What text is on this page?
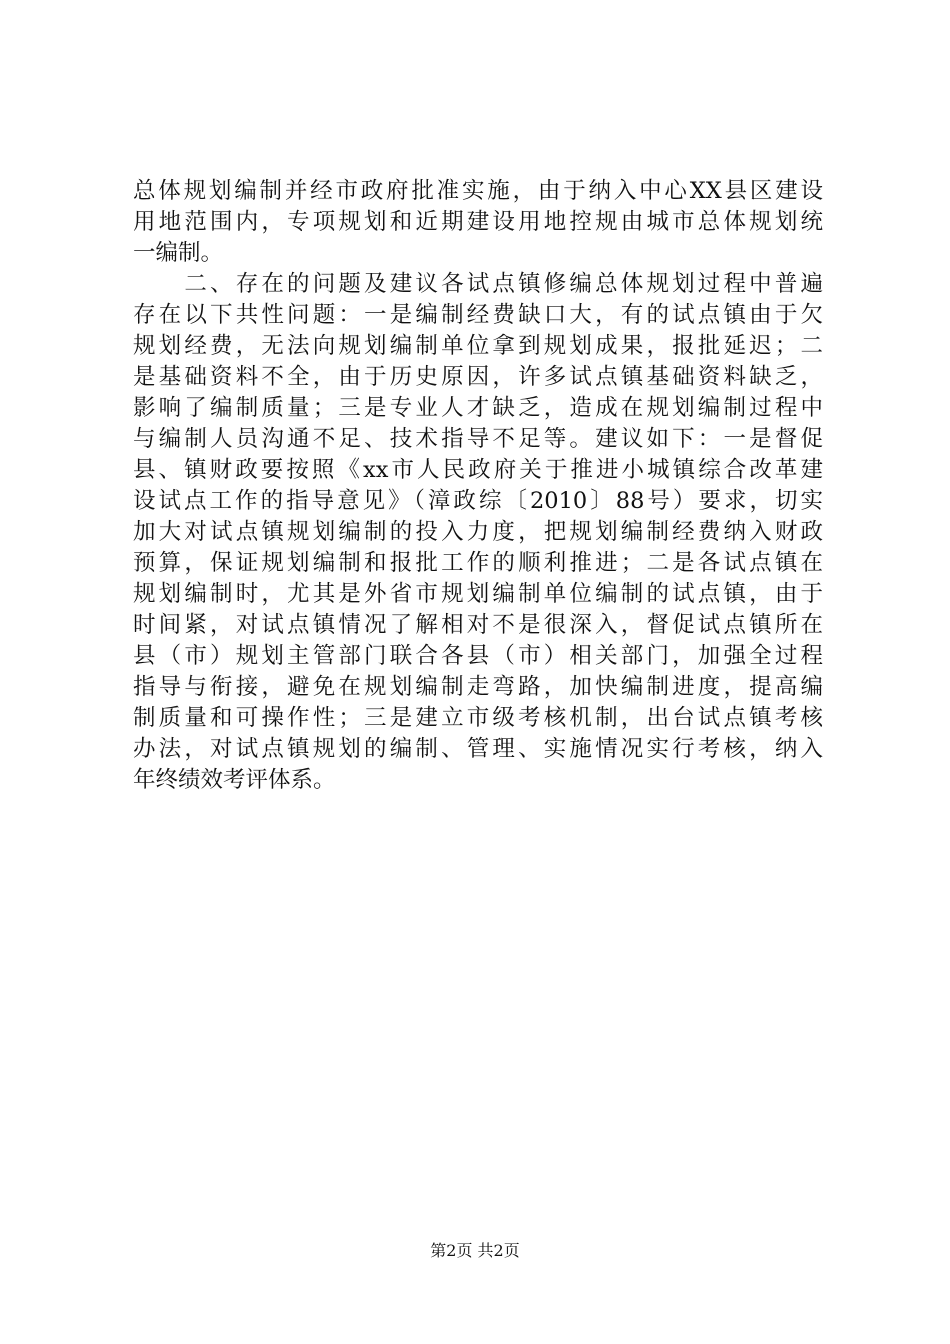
总体规划编制并经市政府批准实施，由于纳入中心XX县区建设
用地范围内，专项规划和近期建设用地控规由城市总体规划统
一编制。
　　二、存在的问题及建议各试点镇修编总体规划过程中普遍
存在以下共性问题：一是编制经费缺口大，有的试点镇由于欠
规划经费，无法向规划编制单位拿到规划成果，报批延迟；二
是基础资料不全，由于历史原因，许多试点镇基础资料缺乏，
影响了编制质量；三是专业人才缺乏，造成在规划编制过程中
与编制人员沟通不足、技术指导不足等。建议如下：一是督促
县、镇财政要按照《xx市人民政府关于推进小城镇综合改革建
设试点工作的指导意见》（漳政综〔2010〕88号）要求，切实
加大对试点镇规划编制的投入力度，把规划编制经费纳入财政
预算，保证规划编制和报批工作的顺利推进；二是各试点镇在
规划编制时，尤其是外省市规划编制单位编制的试点镇，由于
时间紧，对试点镇情况了解相对不是很深入，督促试点镇所在
县（市）规划主管部门联合各县（市）相关部门，加强全过程
指导与衔接，避免在规划编制走弯路，加快编制进度，提高编
制质量和可操作性；三是建立市级考核机制，出台试点镇考核
办法，对试点镇规划的编制、管理、实施情况实行考核，纳入
年终绩效考评体系。
第2页 共2页
